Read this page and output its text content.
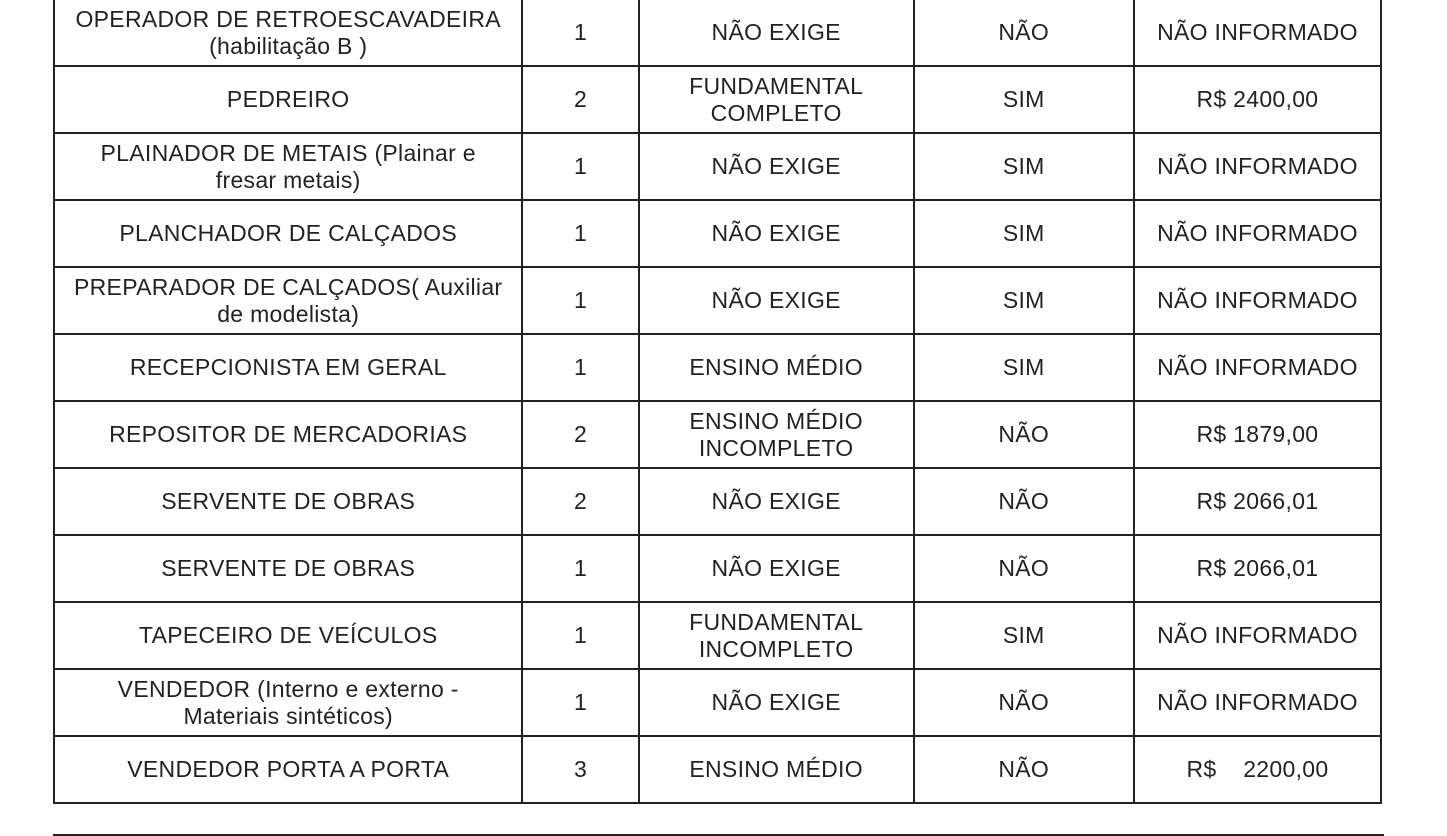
OPERADOR DE RETROESCAVADEIRA
(habilitação B )	1	NÃO EXIGE	NÃO	NÃO INFORMADO

PEDREIRO	2	FUNDAMENTAL
COMPLETO	SIM	R$ 2400,00

PLAINADOR DE METAIS (Plainar e
fresar metais)	1	NÃO EXIGE	SIM	NÃO INFORMADO

PLANCHADOR DE CALÇADOS	1	NÃO EXIGE	SIM	NÃO INFORMADO

PREPARADOR DE CALÇADOS( Auxiliar
de modelista)	1	NÃO EXIGE	SIM	NÃO INFORMADO

RECEPCIONISTA EM GERAL	1	ENSINO MÉDIO	SIM	NÃO INFORMADO

REPOSITOR DE MERCADORIAS	2	ENSINO MÉDIO
INCOMPLETO	NÃO	R$ 1879,00

SERVENTE DE OBRAS	2	NÃO EXIGE	NÃO	R$ 2066,01

SERVENTE DE OBRAS	1	NÃO EXIGE	NÃO	R$ 2066,01

TAPECEIRO DE VEÍCULOS	1	FUNDAMENTAL
INCOMPLETO	SIM	NÃO INFORMADO

VENDEDOR (Interno e externo -
Materiais sintéticos)	1	NÃO EXIGE	NÃO	NÃO INFORMADO

VENDEDOR PORTA A PORTA	3	ENSINO MÉDIO	NÃO	R$    2200,00
